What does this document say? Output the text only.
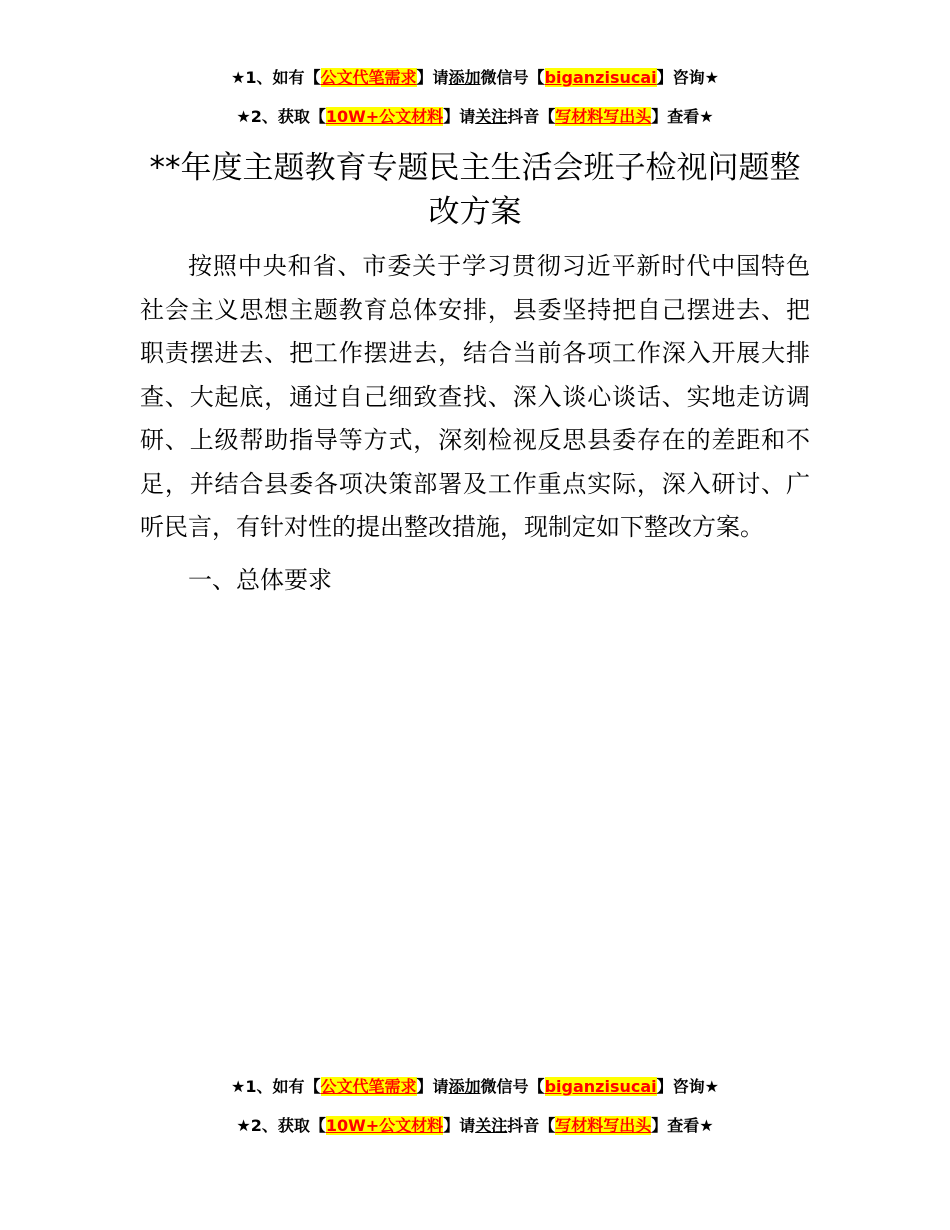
★1、如有【公文代笔需求】请添加微信号【biganzisucai】咨询★
★2、获取【10W+公文材料】请关注抖音【写材料写出头】查看★
**年度主题教育专题民主生活会班子检视问题整改方案

按照中央和省、市委关于学习贯彻习近平新时代中国特色社会主义思想主题教育总体安排，县委坚持把自己摆进去、把职责摆进去、把工作摆进去，结合当前各项工作深入开展大排查、大起底，通过自己细致查找、深入谈心谈话、实地走访调研、上级帮助指导等方式，深刻检视反思县委存在的差距和不足，并结合县委各项决策部署及工作重点实际，深入研讨、广听民言，有针对性的提出整改措施，现制定如下整改方案。

一、总体要求
★1、如有【公文代笔需求】请添加微信号【biganzisucai】咨询★
★2、获取【10W+公文材料】请关注抖音【写材料写出头】查看★
